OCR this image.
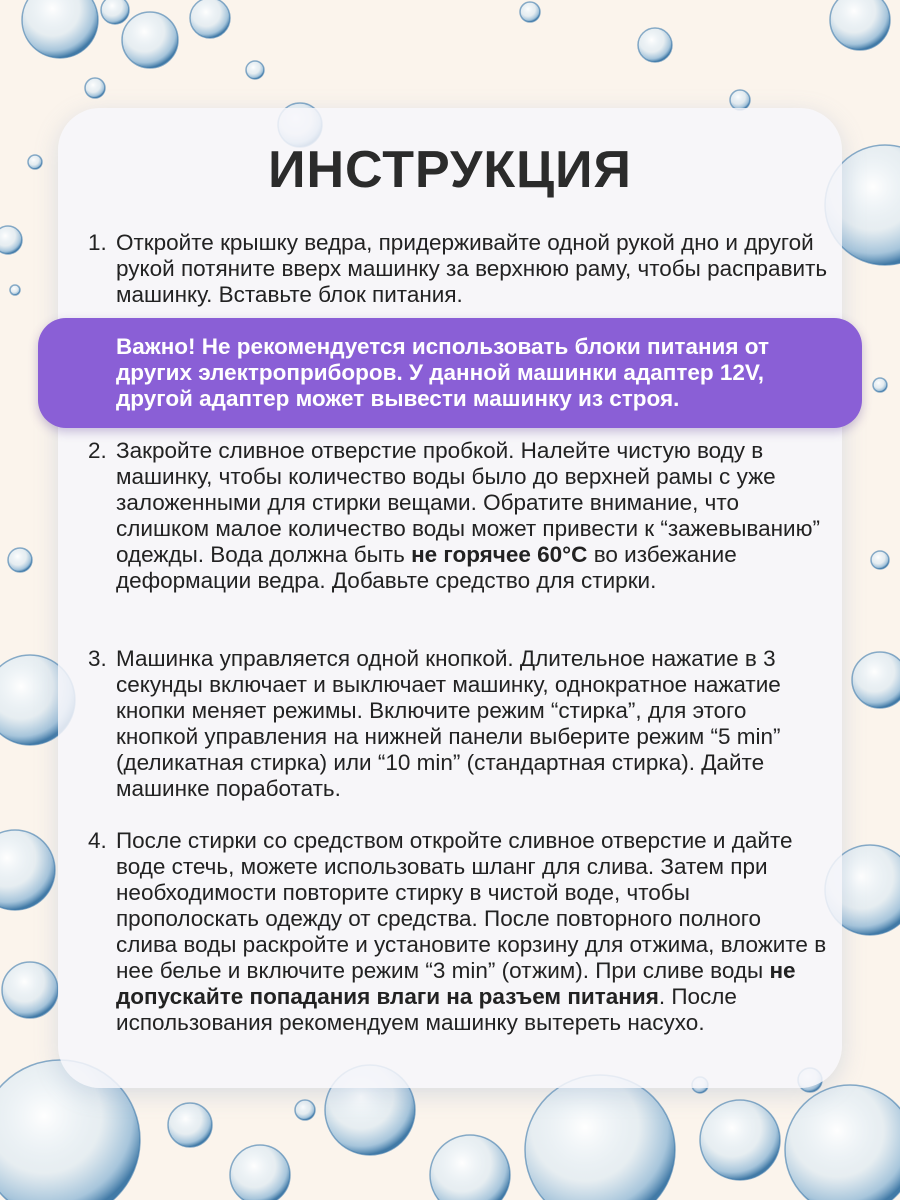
ИНСТРУКЦИЯ
1. Откройте крышку ведра, придерживайте одной рукой дно и другой рукой потяните вверх машинку за верхнюю раму, чтобы расправить машинку. Вставьте блок питания.

Важно! Не рекомендуется использовать блоки питания от других электроприборов. У данной машинки адаптер 12V, другой адаптер может вывести машинку из строя.

2. Закройте сливное отверстие пробкой. Налейте чистую воду в машинку, чтобы количество воды было до верхней рамы с уже заложенными для стирки вещами. Обратите внимание, что слишком малое количество воды может привести к “зажевыванию” одежды. Вода должна быть не горячее 60°C во избежание деформации ведра. Добавьте средство для стирки.
3. Машинка управляется одной кнопкой. Длительное нажатие в 3 секунды включает и выключает машинку, однократное нажатие кнопки меняет режимы. Включите режим “стирка”, для этого кнопкой управления на нижней панели выберите режим “5 min” (деликатная стирка) или “10 min” (стандартная стирка). Дайте машинке поработать.
4. После стирки со средством откройте сливное отверстие и дайте воде стечь, можете использовать шланг для слива. Затем при необходимости повторите стирку в чистой воде, чтобы прополоскать одежду от средства. После повторного полного слива воды раскройте и установите корзину для отжима, вложите в нее белье и включите режим “3 min” (отжим). При сливе воды не допускайте попадания влаги на разъем питания. После использования рекомендуем машинку вытереть насухо.
